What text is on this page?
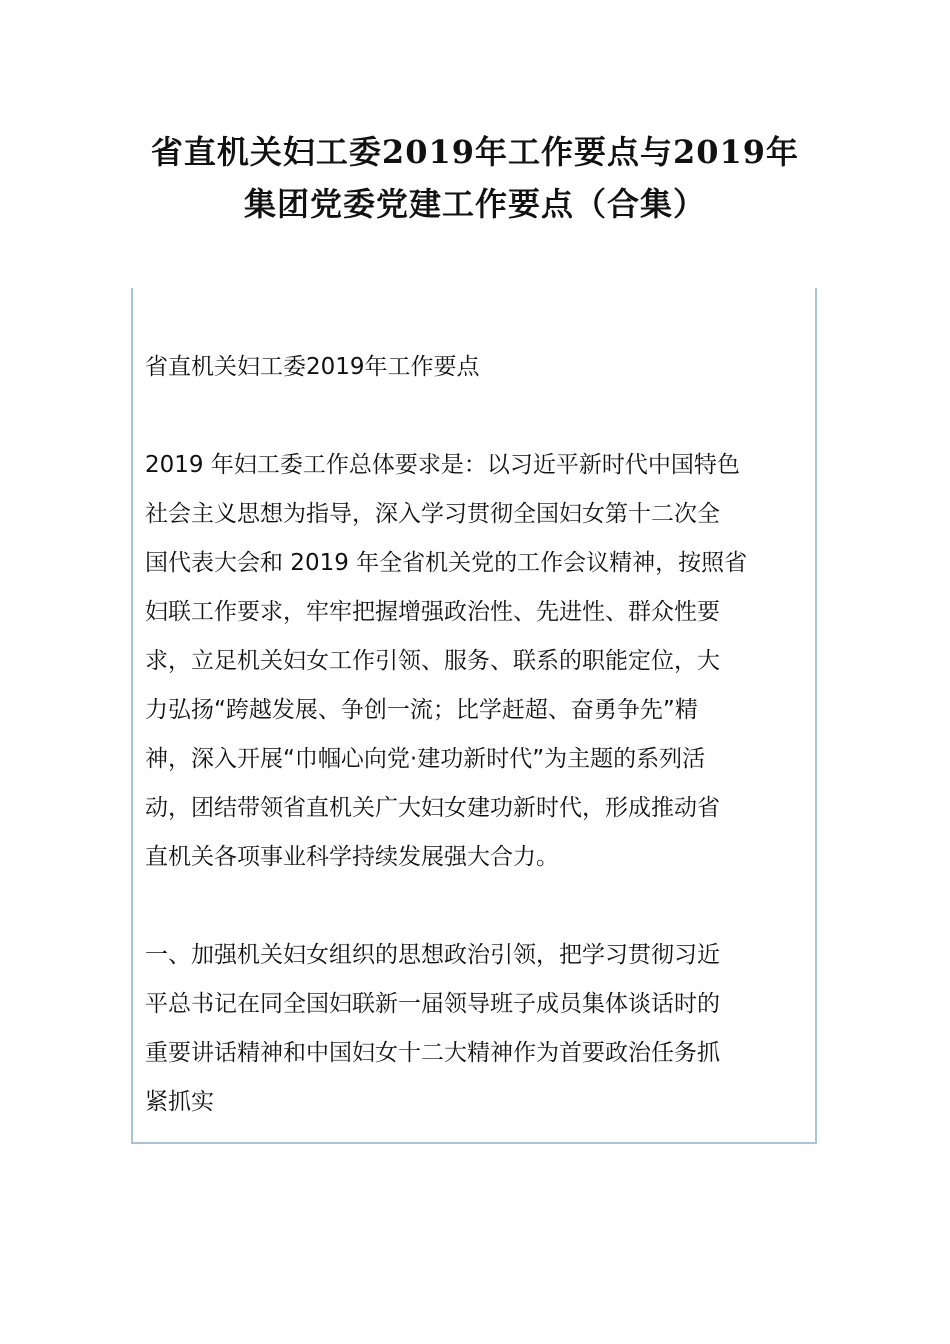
省直机关妇工委2019年工作要点与2019年
集团党委党建工作要点（合集）

省直机关妇工委2019年工作要点

2019 年妇工委工作总体要求是：以习近平新时代中国特色
社会主义思想为指导，深入学习贯彻全国妇女第十二次全
国代表大会和 2019 年全省机关党的工作会议精神，按照省
妇联工作要求，牢牢把握增强政治性、先进性、群众性要
求，立足机关妇女工作引领、服务、联系的职能定位，大
力弘扬“跨越发展、争创一流；比学赶超、奋勇争先”精
神，深入开展“巾帼心向党·建功新时代”为主题的系列活
动，团结带领省直机关广大妇女建功新时代，形成推动省
直机关各项事业科学持续发展强大合力。

一、加强机关妇女组织的思想政治引领，把学习贯彻习近
平总书记在同全国妇联新一届领导班子成员集体谈话时的
重要讲话精神和中国妇女十二大精神作为首要政治任务抓
紧抓实
